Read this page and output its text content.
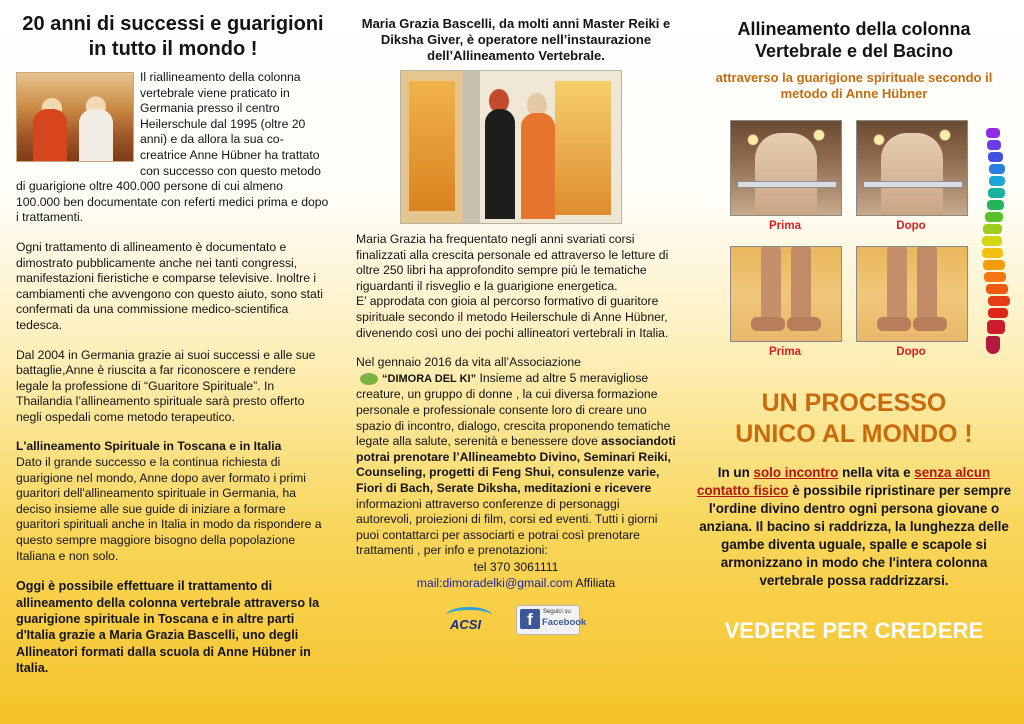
20 anni di successi e guarigioni in tutto il mondo !

Il riallineamento della colonna vertebrale viene praticato in Germania presso il centro Heilerschule dal 1995 (oltre 20 anni) e da allora la sua co-creatrice Anne Hübner ha trattato con successo con questo metodo di guarigione oltre 400.000 persone di cui almeno 100.000 ben documentate con referti medici prima e dopo i trattamenti.

Ogni trattamento di allineamento è documentato e dimostrato pubblicamente anche nei tanti congressi, manifestazioni fieristiche e comparse televisive. Inoltre i cambiamenti che avvengono con questo aiuto, sono stati confermati da una commissione medico-scientifica tedesca.

Dal 2004 in Germania grazie ai suoi successi e alle sue battaglie,Anne è riuscita a far riconoscere e rendere legale la professione di “Guaritore Spirituale”. In Thailandia l’allineamento spirituale sarà presto offerto negli ospedali come metodo terapeutico.

L'allineamento Spirituale in Toscana e in Italia

Dato il grande successo e la continua richiesta di guarigione nel mondo, Anne dopo aver formato i primi guaritori dell'allineamento spirituale in Germania, ha deciso insieme alle sue guide di iniziare a formare guaritori spirituali anche in Italia in modo da rispondere a questo sempre maggiore bisogno della popolazione Italiana e non solo.

Oggi è possibile effettuare il trattamento di allineamento della colonna vertebrale attraverso la guarigione spirituale in Toscana e in altre parti d'Italia grazie a Maria Grazia Bascelli, uno degli Allineatori formati dalla scuola di Anne Hübner in Italia.

Maria Grazia Bascelli, da molti anni Master Reiki e Diksha Giver, è operatore nell’instaurazione dell’Allineamento Vertebrale.

Maria Grazia ha frequentato negli anni svariati corsi finalizzati alla crescita personale ed attraverso le letture di oltre 250 libri ha approfondito sempre più le tematiche riguardanti il risveglio e la guarigione energetica.

E’ approdata con gioia al percorso formativo di guaritore spirituale secondo il metodo Heilerschule di Anne Hübner, divenendo così uno dei pochi allineatori vertebrali in Italia.

Nel gennaio 2016 da vita all’Associazione
“DIMORA DEL KI” Insieme ad altre 5 meravigliose creature, un gruppo di donne , la cui diversa formazione personale e professionale consente loro di creare uno spazio di incontro, dialogo, crescita proponendo tematiche legate alla salute, serenità e benessere dove associandoti potrai prenotare l’Allineamebto Divino, Seminari Reiki, Counseling, progetti di Feng Shui, consulenze varie, Fiori di Bach, Serate Diksha, meditazioni e ricevere informazioni attraverso conferenze di personaggi autorevoli, proiezioni di film, corsi ed eventi. Tutti i giorni puoi contattarci per associarti e potrai così prenotare trattamenti , per info e prenotazioni:

tel 370 3061111

mail:dimoradelki@gmail.com Affiliata

ACSI	f	Seguici su
Facebook
Allineamento della colonna Vertebrale e del Bacino

attraverso la guarigione spirituale secondo il metodo di Anne Hübner

Prima	Dopo
Prima	Dopo

UN PROCESSO UNICO AL MONDO !

In un solo incontro nella vita e senza alcun contatto fisico è possibile ripristinare per sempre l'ordine divino dentro ogni persona giovane o anziana. Il bacino si raddrizza, la lunghezza delle gambe diventa uguale, spalle e scapole si armonizzano in modo che l'intera colonna vertebrale possa raddrizzarsi.

VEDERE PER CREDERE
